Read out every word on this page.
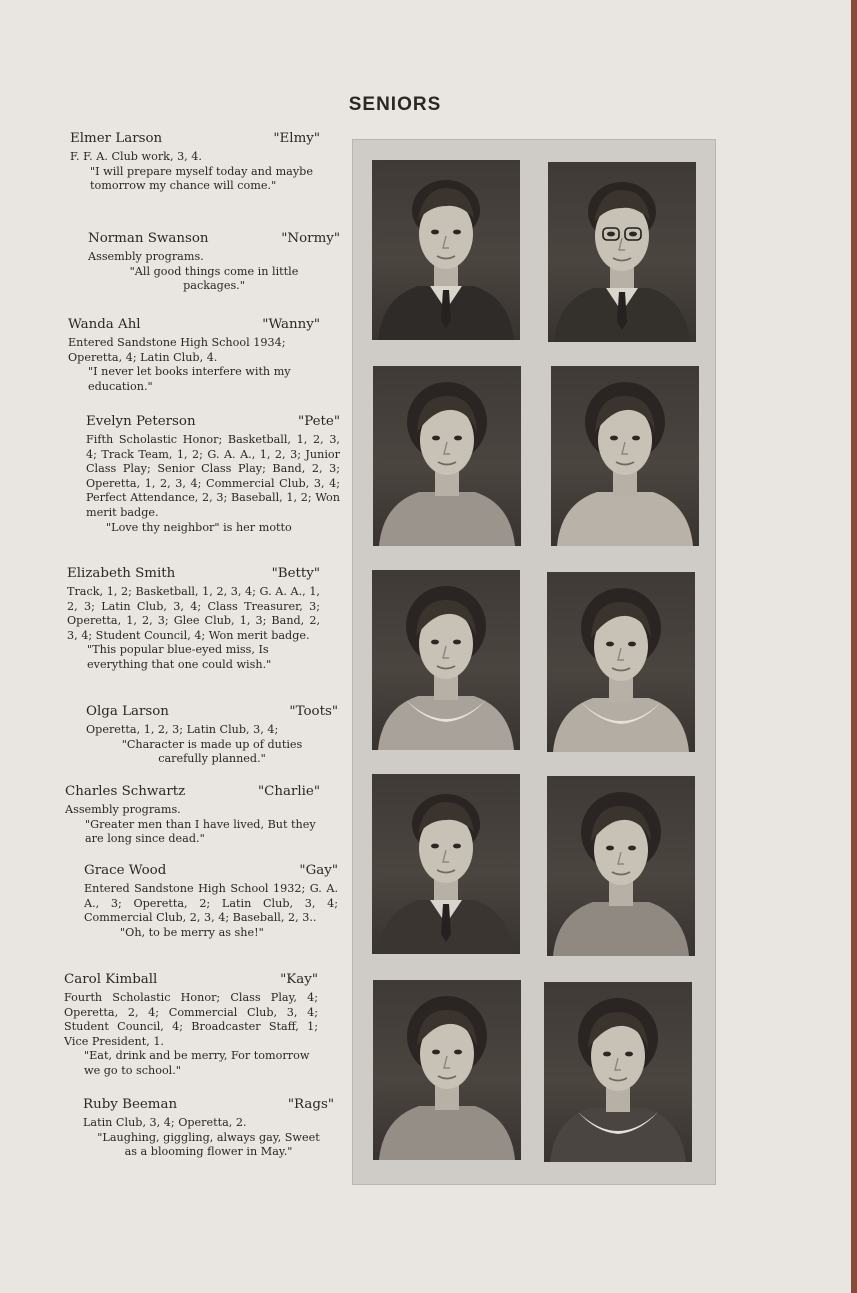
SENIORS
Elmer Larson	"Elmy"

F. F. A. Club work, 3, 4.

"I will prepare myself today and maybe tomorrow my chance will come."

Norman Swanson	"Normy"

Assembly programs.

"All good things come in little packages."

Wanda Ahl	"Wanny"

Entered Sandstone High School 1934; Operetta, 4; Latin Club, 4.

"I never let books interfere with my education."

Evelyn Peterson	"Pete"

Fifth Scholastic Honor; Basketball, 1, 2, 3, 4; Track Team, 1, 2; G. A. A., 1, 2, 3; Junior Class Play; Senior Class Play; Band, 2, 3; Operetta, 1, 2, 3, 4; Commercial Club, 3, 4; Perfect Attendance, 2, 3; Baseball, 1, 2; Won merit badge.

"Love thy neighbor" is her motto

Elizabeth Smith	"Betty"

Track, 1, 2; Basketball, 1, 2, 3, 4; G. A. A., 1, 2, 3; Latin Club, 3, 4; Class Treasurer, 3; Operetta, 1, 2, 3; Glee Club, 1, 3; Band, 2, 3, 4; Student Council, 4; Won merit badge.

"This popular blue-eyed miss, Is everything that one could wish."

Olga Larson	"Toots"

Operetta, 1, 2, 3; Latin Club, 3, 4;

"Character is made up of duties carefully planned."

Charles Schwartz	"Charlie"

Assembly programs.

"Greater men than I have lived, But they are long since dead."

Grace Wood	"Gay"

Entered Sandstone High School 1932; G. A. A., 3; Operetta, 2; Latin Club, 3, 4; Commercial Club, 2, 3, 4; Baseball, 2, 3..

"Oh, to be merry as she!"

Carol Kimball	"Kay"

Fourth Scholastic Honor; Class Play, 4; Operetta, 2, 4; Commercial Club, 3, 4; Student Council, 4; Broadcaster Staff, 1; Vice President, 1.

"Eat, drink and be merry, For tomorrow we go to school."

Ruby Beeman	"Rags"

Latin Club, 3, 4; Operetta, 2.

"Laughing, giggling, always gay, Sweet as a blooming flower in May."
